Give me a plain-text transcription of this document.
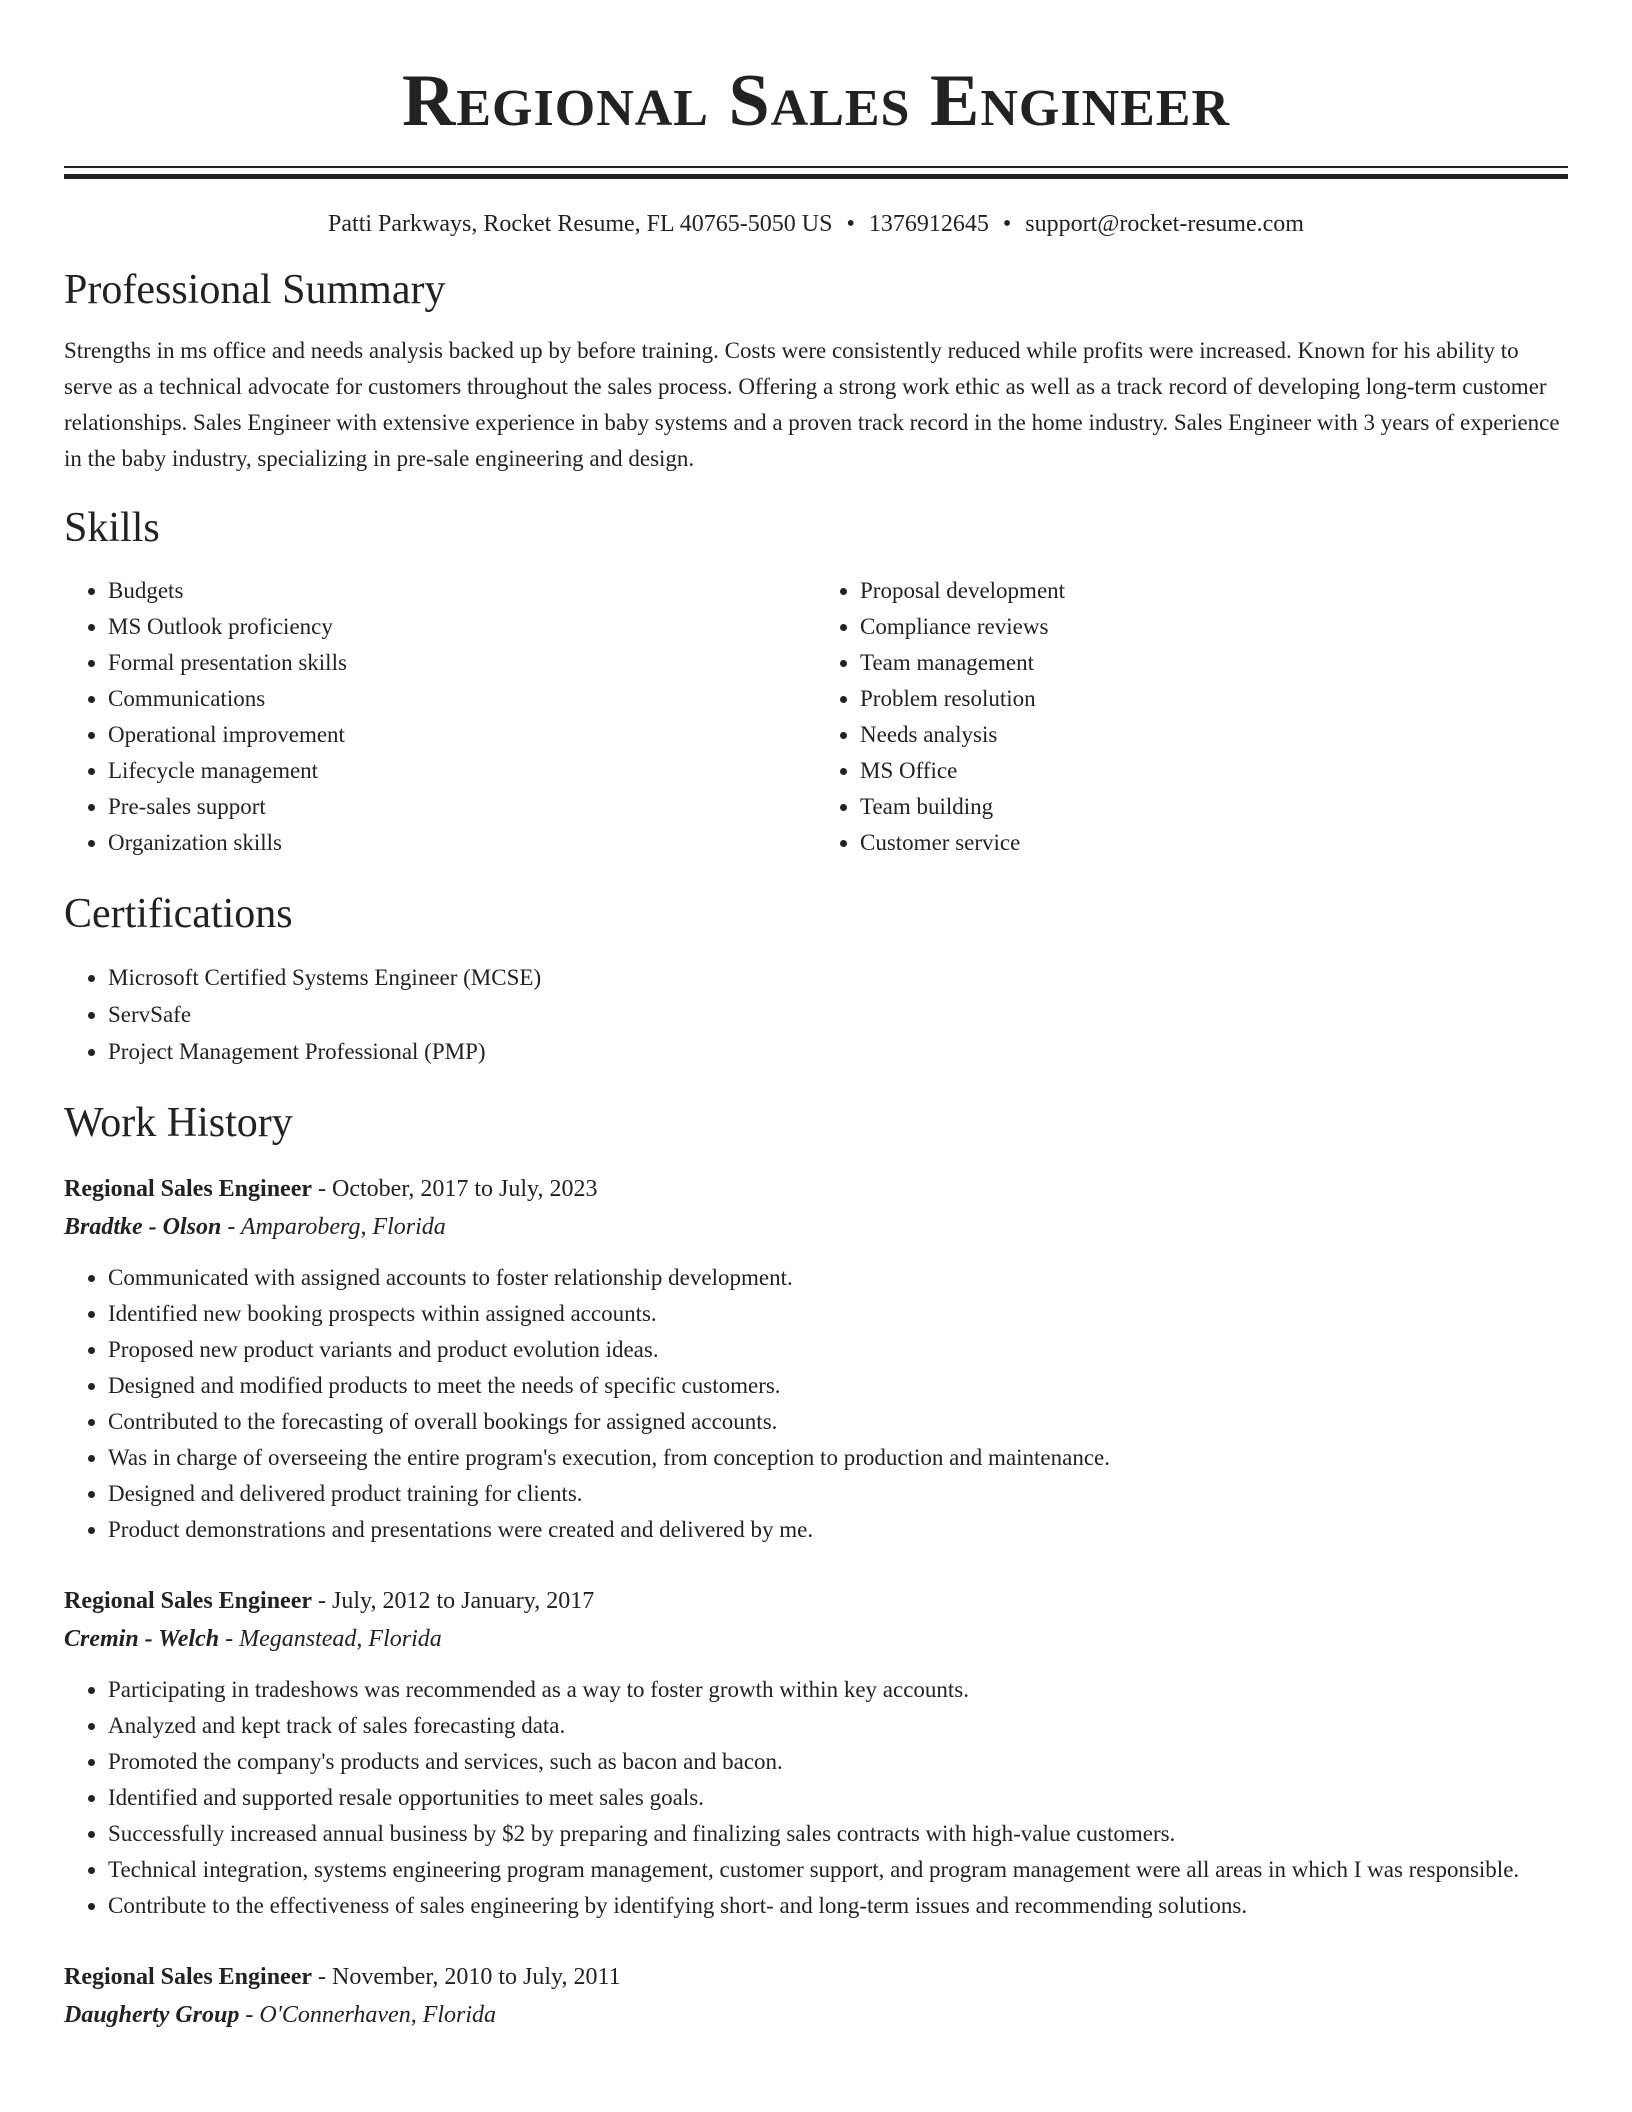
Regional Sales Engineer
Patti Parkways, Rocket Resume, FL 40765-5050 US • 1376912645 • support@rocket-resume.com
Professional Summary

Strengths in ms office and needs analysis backed up by before training. Costs were consistently reduced while profits were increased. Known for his ability to serve as a technical advocate for customers throughout the sales process. Offering a strong work ethic as well as a track record of developing long-term customer relationships. Sales Engineer with extensive experience in baby systems and a proven track record in the home industry. Sales Engineer with 3 years of experience in the baby industry, specializing in pre-sale engineering and design.

Skills
• Budgets
• MS Outlook proficiency
• Formal presentation skills
• Communications
• Operational improvement
• Lifecycle management
• Pre-sales support
• Organization skills
• Proposal development
• Compliance reviews
• Team management
• Problem resolution
• Needs analysis
• MS Office
• Team building
• Customer service
Certifications
• Microsoft Certified Systems Engineer (MCSE)
• ServSafe
• Project Management Professional (PMP)
Work History
Regional Sales Engineer - October, 2017 to July, 2023
Bradtke - Olson - Amparoberg, Florida
• Communicated with assigned accounts to foster relationship development.
• Identified new booking prospects within assigned accounts.
• Proposed new product variants and product evolution ideas.
• Designed and modified products to meet the needs of specific customers.
• Contributed to the forecasting of overall bookings for assigned accounts.
• Was in charge of overseeing the entire program's execution, from conception to production and maintenance.
• Designed and delivered product training for clients.
• Product demonstrations and presentations were created and delivered by me.
Regional Sales Engineer - July, 2012 to January, 2017
Cremin - Welch - Meganstead, Florida
• Participating in tradeshows was recommended as a way to foster growth within key accounts.
• Analyzed and kept track of sales forecasting data.
• Promoted the company's products and services, such as bacon and bacon.
• Identified and supported resale opportunities to meet sales goals.
• Successfully increased annual business by $2 by preparing and finalizing sales contracts with high-value customers.
• Technical integration, systems engineering program management, customer support, and program management were all areas in which I was responsible.
• Contribute to the effectiveness of sales engineering by identifying short- and long-term issues and recommending solutions.
Regional Sales Engineer - November, 2010 to July, 2011
Daugherty Group - O'Connerhaven, Florida
